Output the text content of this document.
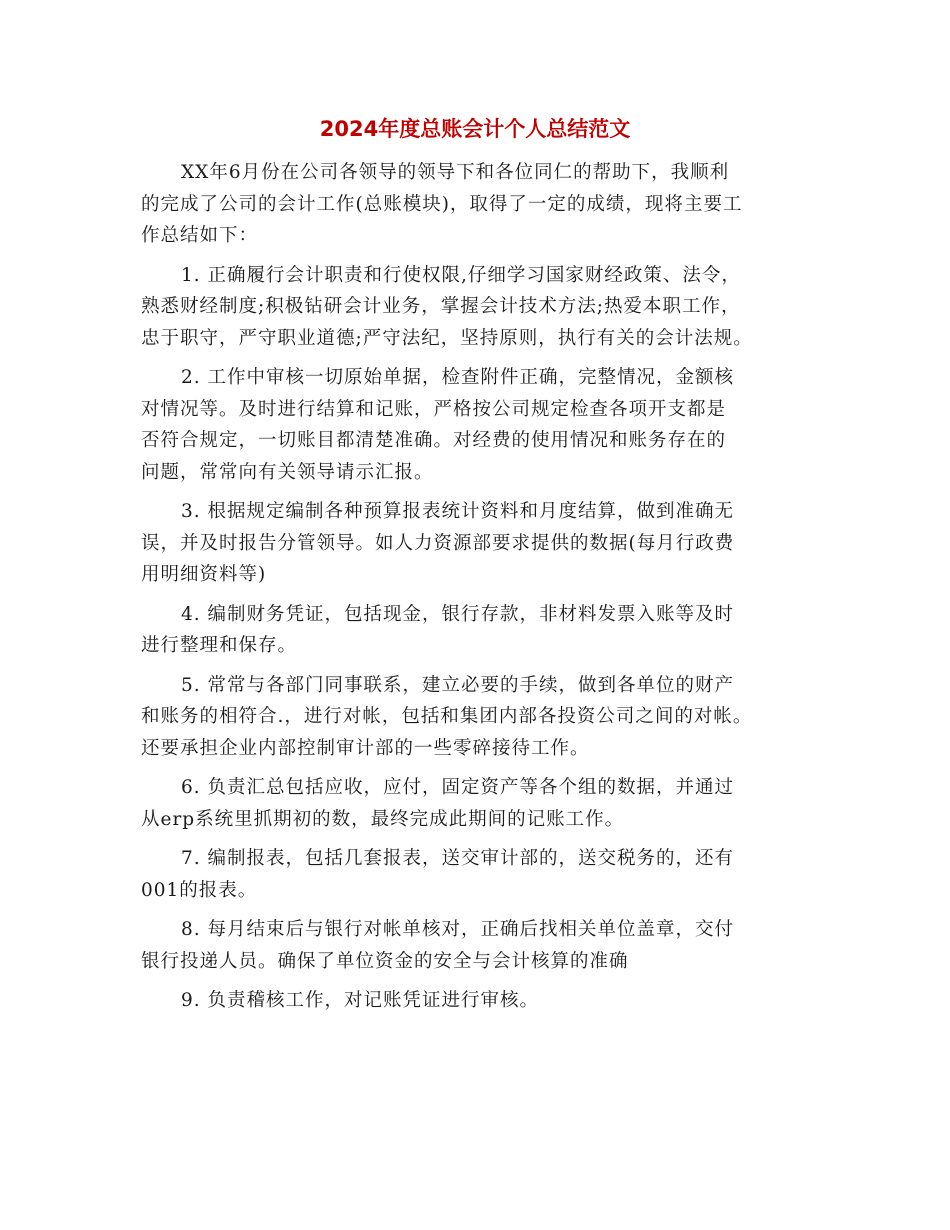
2024年度总账会计个人总结范文
XX年6月份在公司各领导的领导下和各位同仁的帮助下，我顺利
的完成了公司的会计工作(总账模块)，取得了一定的成绩，现将主要工
作总结如下：
1. 正确履行会计职责和行使权限,仔细学习国家财经政策、法令，
熟悉财经制度;积极钻研会计业务，掌握会计技术方法;热爱本职工作，
忠于职守，严守职业道德;严守法纪，坚持原则，执行有关的会计法规。
2. 工作中审核一切原始单据，检查附件正确，完整情况，金额核
对情况等。及时进行结算和记账，严格按公司规定检查各项开支都是
否符合规定，一切账目都清楚准确。对经费的使用情况和账务存在的
问题，常常向有关领导请示汇报。
3. 根据规定编制各种预算报表统计资料和月度结算，做到准确无
误，并及时报告分管领导。如人力资源部要求提供的数据(每月行政费
用明细资料等)
4. 编制财务凭证，包括现金，银行存款，非材料发票入账等及时
进行整理和保存。
5. 常常与各部门同事联系，建立必要的手续，做到各单位的财产
和账务的相符合.，进行对帐，包括和集团内部各投资公司之间的对帐。
还要承担企业内部控制审计部的一些零碎接待工作。
6. 负责汇总包括应收，应付，固定资产等各个组的数据，并通过
从erp系统里抓期初的数，最终完成此期间的记账工作。
7. 编制报表，包括几套报表，送交审计部的，送交税务的，还有
001的报表。
8. 每月结束后与银行对帐单核对，正确后找相关单位盖章，交付
银行投递人员。确保了单位资金的安全与会计核算的准确
9. 负责稽核工作，对记账凭证进行审核。
